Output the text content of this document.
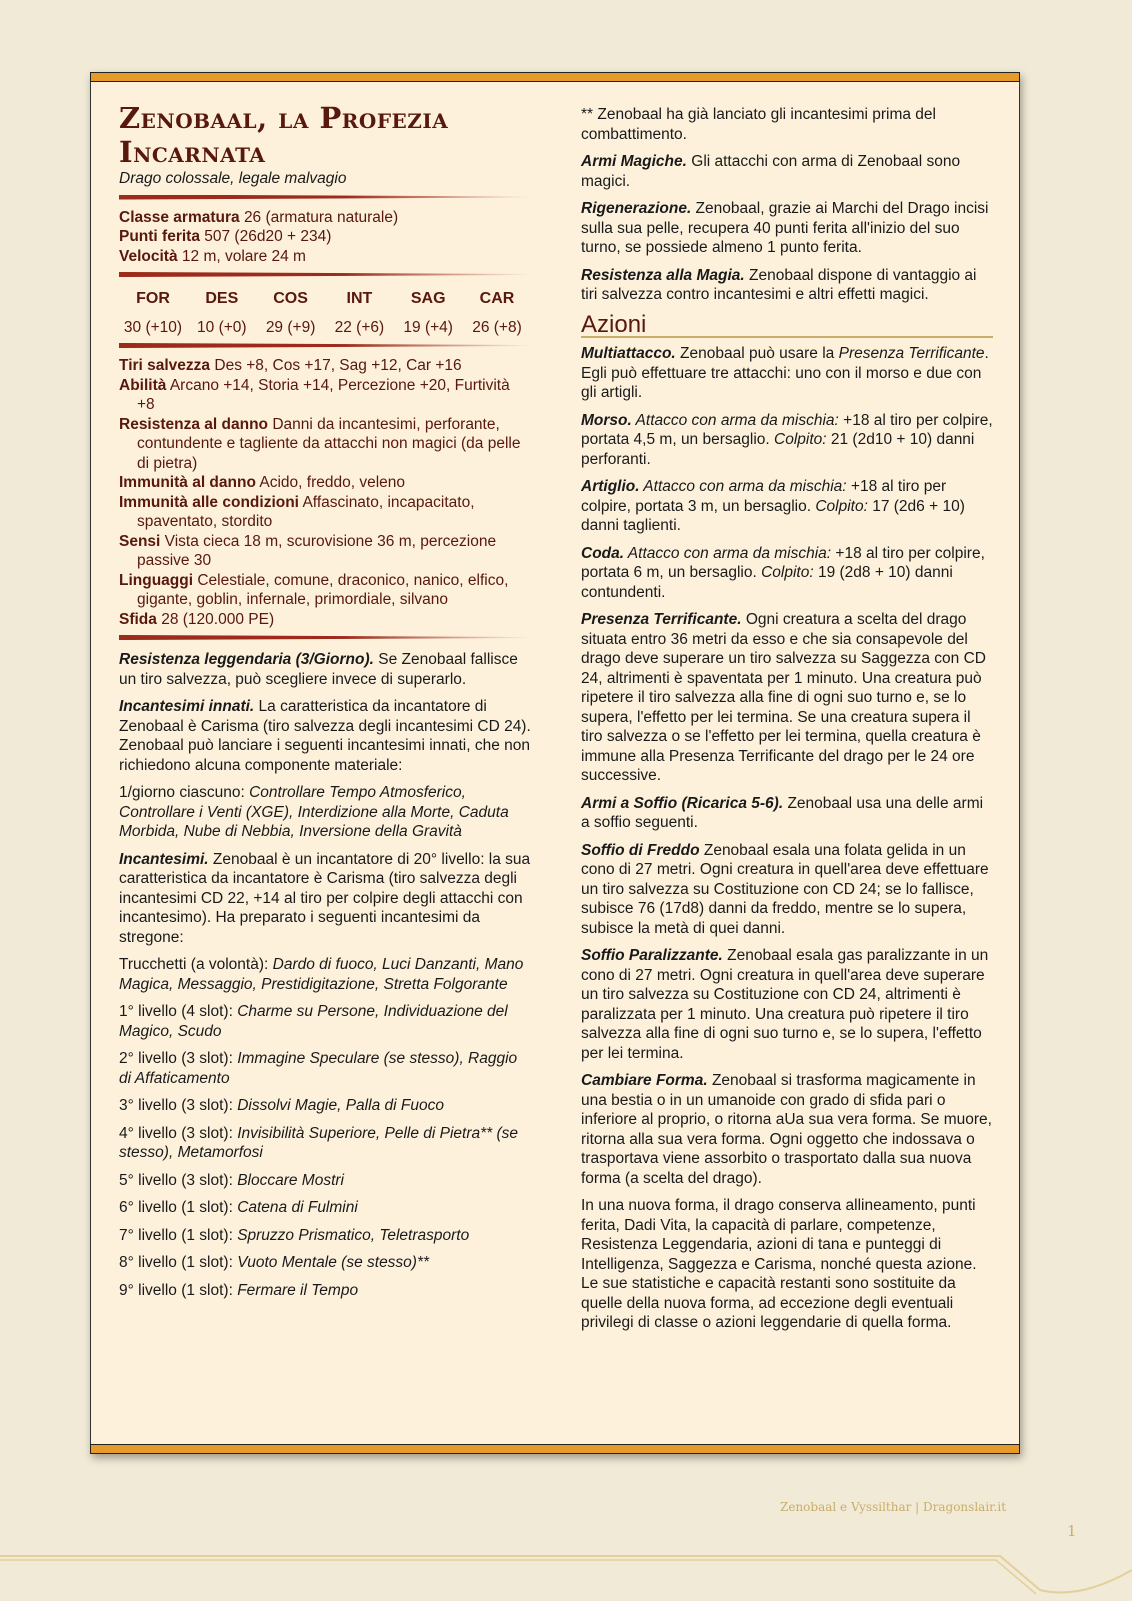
Zenobaal, la Profezia Incarnata
Drago colossale, legale malvagio
Classe armatura 26 (armatura naturale)
Punti ferita 507 (26d20 + 234)
Velocità 12 m, volare 24 m
FOR
30 (+10)
DES
10 (+0)
COS
29 (+9)
INT
22 (+6)
SAG
19 (+4)
CAR
26 (+8)
Tiri salvezza Des +8, Cos +17, Sag +12, Car +16
Abilità Arcano +14, Storia +14, Percezione +20, Furtività +8
Resistenza al danno Danni da incantesimi, perforante, contundente e tagliente da attacchi non magici (da pelle di pietra)
Immunità al danno Acido, freddo, veleno
Immunità alle condizioni Affascinato, incapacitato, spaventato, stordito
Sensi Vista cieca 18 m, scurovisione 36 m, percezione passive 30
Linguaggi Celestiale, comune, draconico, nanico, elfico, gigante, goblin, infernale, primordiale, silvano
Sfida 28 (120.000 PE)

Resistenza leggendaria (3/Giorno). Se Zenobaal fallisce un tiro salvezza, può scegliere invece di superarlo.

Incantesimi innati. La caratteristica da incantatore di Zenobaal è Carisma (tiro salvezza degli incantesimi CD 24). Zenobaal può lanciare i seguenti incantesimi innati, che non richiedono alcuna componente materiale:

1/giorno ciascuno: Controllare Tempo Atmosferico, Controllare i Venti (XGE), Interdizione alla Morte, Caduta Morbida, Nube di Nebbia, Inversione della Gravità

Incantesimi. Zenobaal è un incantatore di 20° livello: la sua caratteristica da incantatore è Carisma (tiro salvezza degli incantesimi CD 22, +14 al tiro per colpire degli attacchi con incantesimo). Ha preparato i seguenti incantesimi da stregone:

Trucchetti (a volontà): Dardo di fuoco, Luci Danzanti, Mano Magica, Messaggio, Prestidigitazione, Stretta Folgorante

1° livello (4 slot): Charme su Persone, Individuazione del Magico, Scudo

2° livello (3 slot): Immagine Speculare (se stesso), Raggio di Affaticamento

3° livello (3 slot): Dissolvi Magie, Palla di Fuoco

4° livello (3 slot): Invisibilità Superiore, Pelle di Pietra** (se stesso), Metamorfosi

5° livello (3 slot): Bloccare Mostri

6° livello (1 slot): Catena di Fulmini

7° livello (1 slot): Spruzzo Prismatico, Teletrasporto

8° livello (1 slot): Vuoto Mentale (se stesso)**

9° livello (1 slot): Fermare il Tempo

** Zenobaal ha già lanciato gli incantesimi prima del combattimento.

Armi Magiche. Gli attacchi con arma di Zenobaal sono magici.

Rigenerazione. Zenobaal, grazie ai Marchi del Drago incisi sulla sua pelle, recupera 40 punti ferita all'inizio del suo turno, se possiede almeno 1 punto ferita.

Resistenza alla Magia. Zenobaal dispone di vantaggio ai tiri salvezza contro incantesimi e altri effetti magici.

Azioni

Multiattacco. Zenobaal può usare la Presenza Terrificante. Egli può effettuare tre attacchi: uno con il morso e due con gli artigli.

Morso. Attacco con arma da mischia: +18 al tiro per colpire, portata 4,5 m, un bersaglio. Colpito: 21 (2d10 + 10) danni perforanti.

Artiglio. Attacco con arma da mischia: +18 al tiro per colpire, portata 3 m, un bersaglio. Colpito: 17 (2d6 + 10) danni taglienti.

Coda. Attacco con arma da mischia: +18 al tiro per colpire, portata 6 m, un bersaglio. Colpito: 19 (2d8 + 10) danni contundenti.

Presenza Terrificante. Ogni creatura a scelta del drago situata entro 36 metri da esso e che sia consapevole del drago deve superare un tiro salvezza su Saggezza con CD 24, altrimenti è spaventata per 1 minuto. Una creatura può ripetere il tiro salvezza alla fine di ogni suo turno e, se lo supera, l'effetto per lei termina. Se una creatura supera il tiro salvezza o se l'effetto per lei termina, quella creatura è immune alla Presenza Terrificante del drago per le 24 ore successive.

Armi a Soffio (Ricarica 5-6). Zenobaal usa una delle armi a soffio seguenti.

Soffio di Freddo Zenobaal esala una folata gelida in un cono di 27 metri. Ogni creatura in quell'area deve effettuare un tiro salvezza su Costituzione con CD 24; se lo fallisce, subisce 76 (17d8) danni da freddo, mentre se lo supera, subisce la metà di quei danni.

Soffio Paralizzante. Zenobaal esala gas paralizzante in un cono di 27 metri. Ogni creatura in quell'area deve superare un tiro salvezza su Costituzione con CD 24, altrimenti è paralizzata per 1 minuto. Una creatura può ripetere il tiro salvezza alla fine di ogni suo turno e, se lo supera, l'effetto per lei termina.

Cambiare Forma. Zenobaal si trasforma magicamente in una bestia o in un umanoide con grado di sfida pari o inferiore al proprio, o ritorna aUa sua vera forma. Se muore, ritorna alla sua vera forma. Ogni oggetto che indossava o trasportava viene assorbito o trasportato dalla sua nuova forma (a scelta del drago).

In una nuova forma, il drago conserva allineamento, punti ferita, Dadi Vita, la capacità di parlare, competenze, Resistenza Leggendaria, azioni di tana e punteggi di Intelligenza, Saggezza e Carisma, nonché questa azione. Le sue statistiche e capacità restanti sono sostituite da quelle della nuova forma, ad eccezione degli eventuali privilegi di classe o azioni leggendarie di quella forma.

Zenobaal e Vyssilthar | Dragonslair.it
1
